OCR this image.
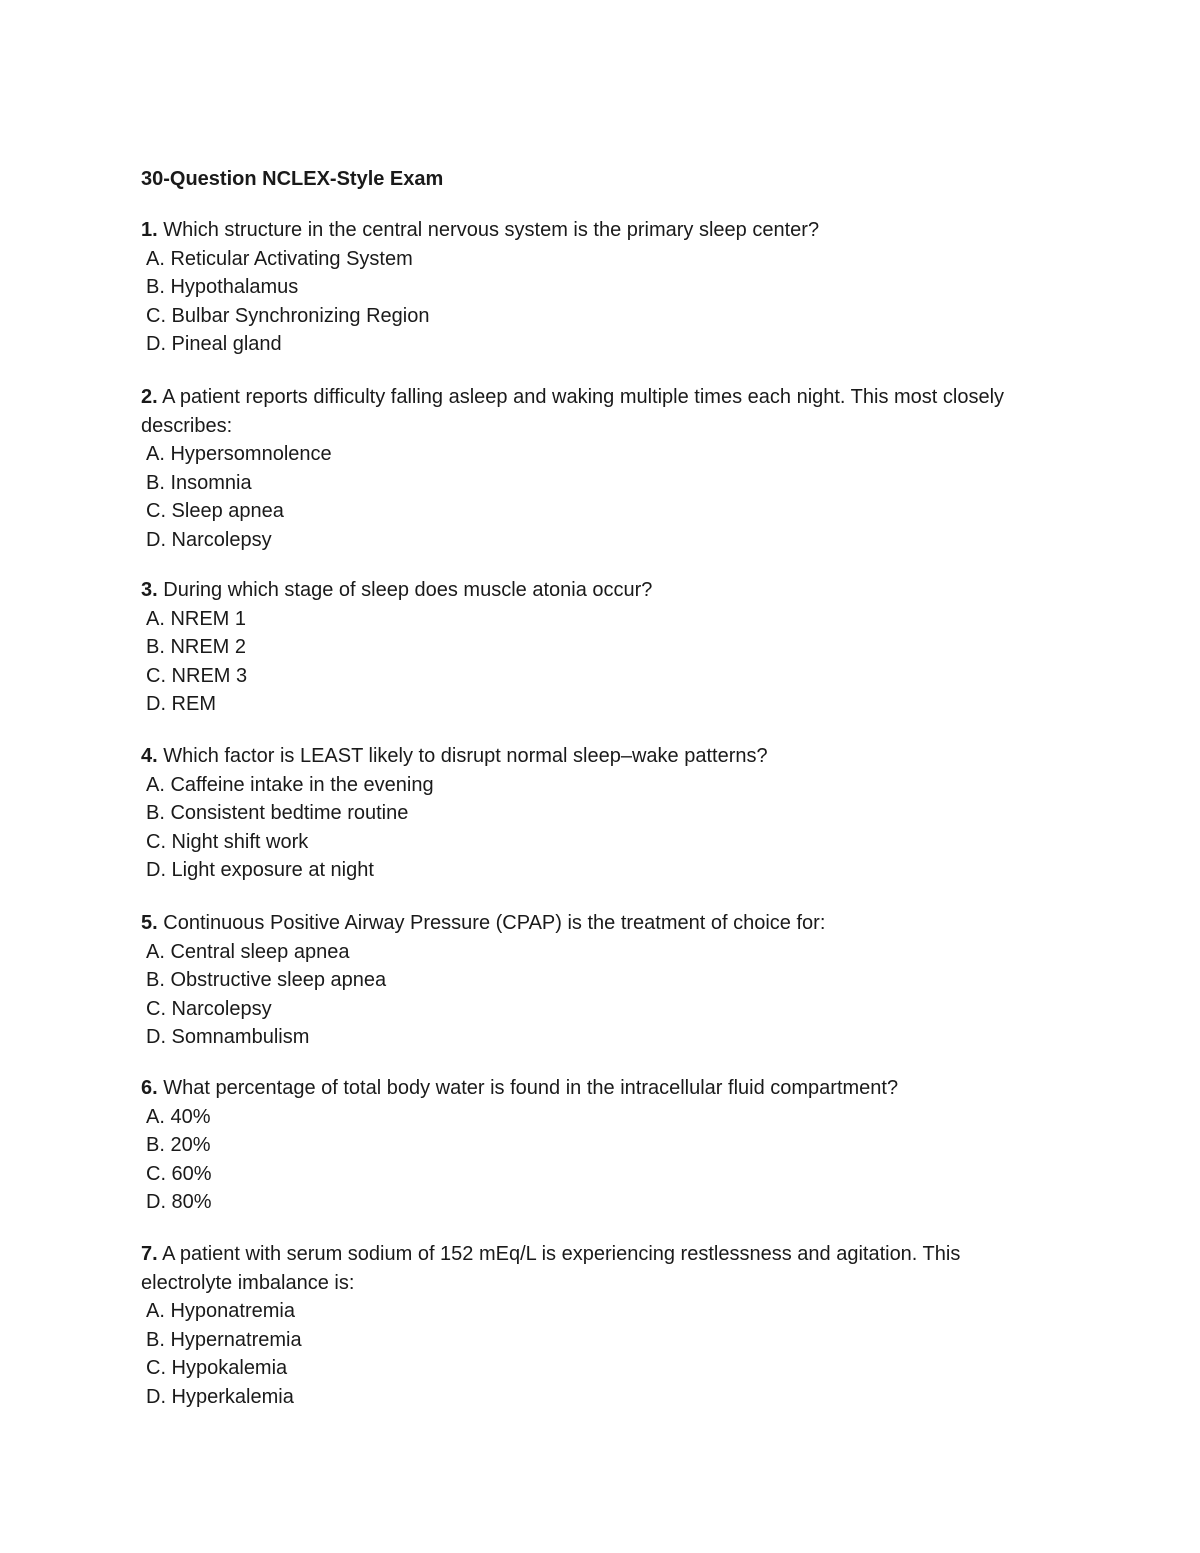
30-Question NCLEX-Style Exam

1. Which structure in the central nervous system is the primary sleep center?

A. Reticular Activating System
B. Hypothalamus
C. Bulbar Synchronizing Region
D. Pineal gland

2. A patient reports difficulty falling asleep and waking multiple times each night. This most closely describes:

A. Hypersomnolence
B. Insomnia
C. Sleep apnea
D. Narcolepsy

3. During which stage of sleep does muscle atonia occur?

A. NREM 1
B. NREM 2
C. NREM 3
D. REM

4. Which factor is LEAST likely to disrupt normal sleep–wake patterns?

A. Caffeine intake in the evening
B. Consistent bedtime routine
C. Night shift work
D. Light exposure at night

5. Continuous Positive Airway Pressure (CPAP) is the treatment of choice for:

A. Central sleep apnea
B. Obstructive sleep apnea
C. Narcolepsy
D. Somnambulism

6. What percentage of total body water is found in the intracellular fluid compartment?

A. 40%
B. 20%
C. 60%
D. 80%

7. A patient with serum sodium of 152 mEq/L is experiencing restlessness and agitation. This electrolyte imbalance is:

A. Hyponatremia
B. Hypernatremia
C. Hypokalemia
D. Hyperkalemia
